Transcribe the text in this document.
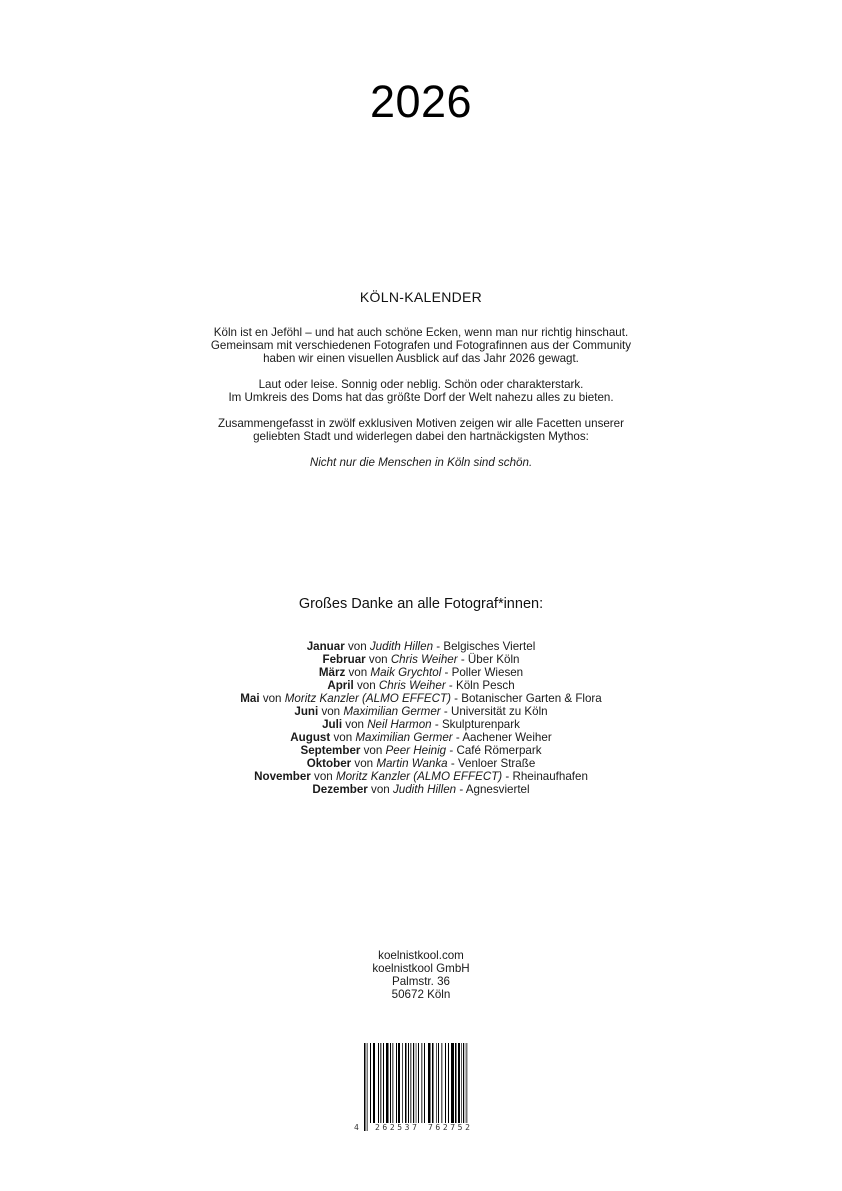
2026
KÖLN-KALENDER

Köln ist en Jeföhl – und hat auch schöne Ecken, wenn man nur richtig hinschaut.
Gemeinsam mit verschiedenen Fotografen und Fotografinnen aus der Community
haben wir einen visuellen Ausblick auf das Jahr 2026 gewagt.

Laut oder leise. Sonnig oder neblig. Schön oder charakterstark.
Im Umkreis des Doms hat das größte Dorf der Welt nahezu alles zu bieten.

Zusammengefasst in zwölf exklusiven Motiven zeigen wir alle Facetten unserer
geliebten Stadt und widerlegen dabei den hartnäckigsten Mythos:

Nicht nur die Menschen in Köln sind schön.

Großes Danke an alle Fotograf*innen:
Januar von Judith Hillen - Belgisches Viertel
Februar von Chris Weiher - Über Köln
März von Maik Grychtol - Poller Wiesen
April von Chris Weiher - Köln Pesch
Mai von Moritz Kanzler (ALMO EFFECT) - Botanischer Garten & Flora
Juni von Maximilian Germer - Universität zu Köln
Juli von Neil Harmon - Skulpturenpark
August von Maximilian Germer - Aachener Weiher
September von Peer Heinig - Café Römerpark
Oktober von Martin Wanka - Venloer Straße
November von Moritz Kanzler (ALMO EFFECT) - Rheinaufhafen
Dezember von Judith Hillen - Agnesviertel
koelnistkool.com
koelnistkool GmbH
Palmstr. 36
50672 Köln
4 262537 762752
